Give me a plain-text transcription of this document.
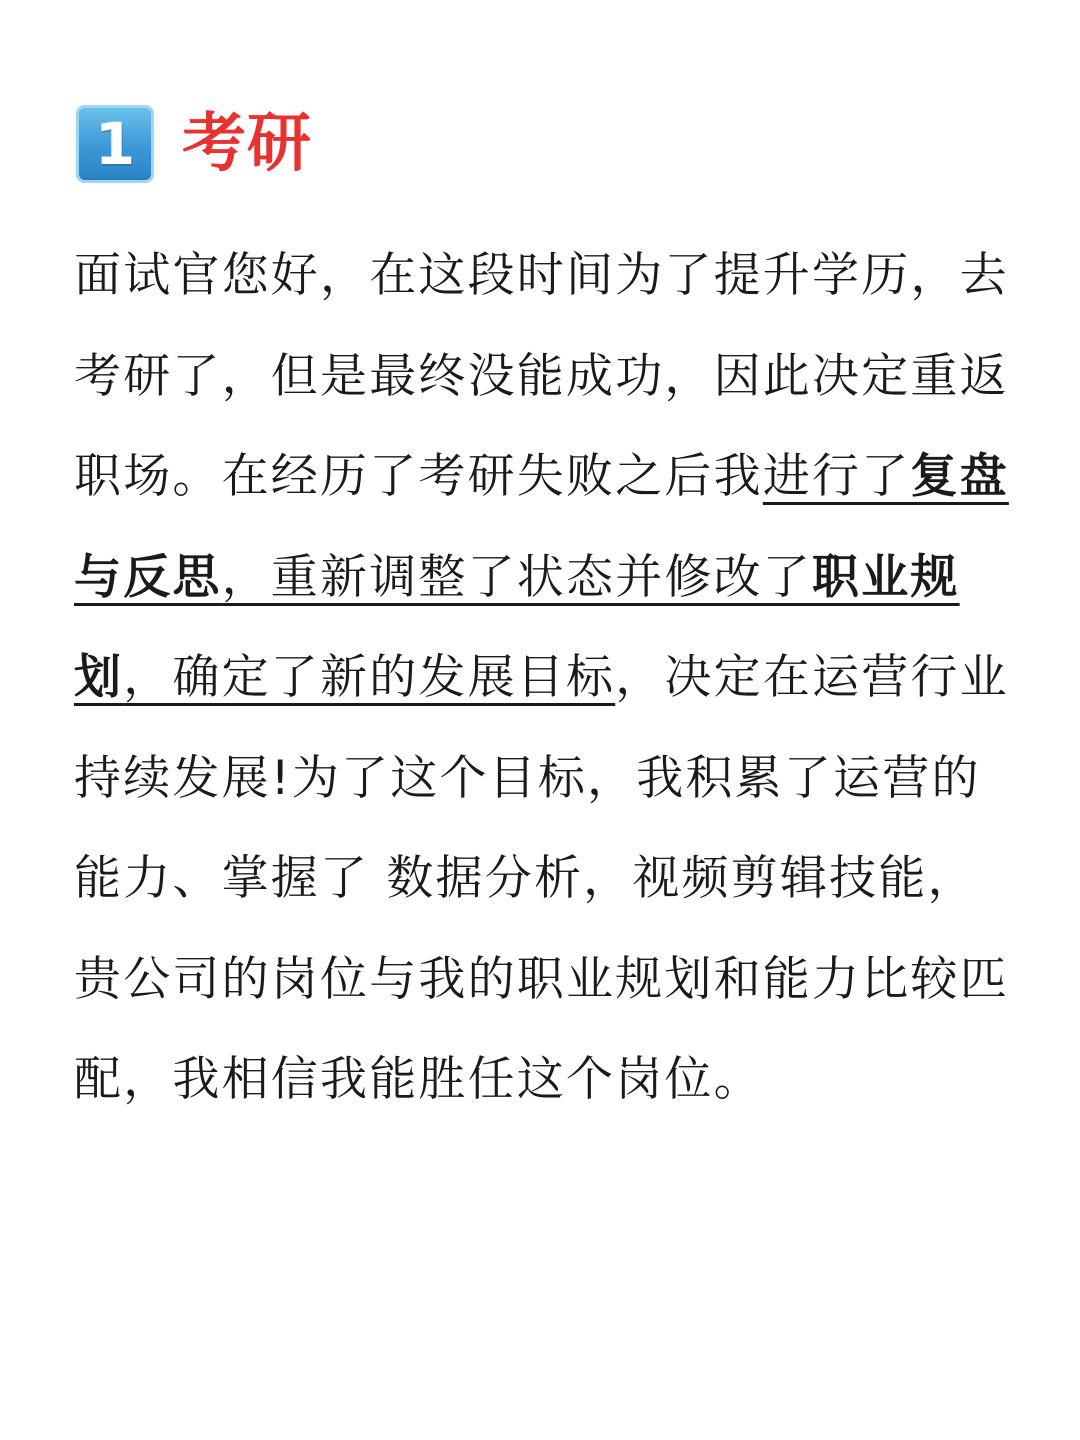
1 考研
面试官您好，在这段时间为了提升学历，去考研了，但是最终没能成功，因此决定重返职场。在经历了考研失败之后我进行了复盘与反思，重新调整了状态并修改了职业规划，确定了新的发展目标，决定在运营行业持续发展!为了这个目标，我积累了运营的能力、掌握了 数据分析，视频剪辑技能，贵公司的岗位与我的职业规划和能力比较匹配，我相信我能胜任这个岗位。
